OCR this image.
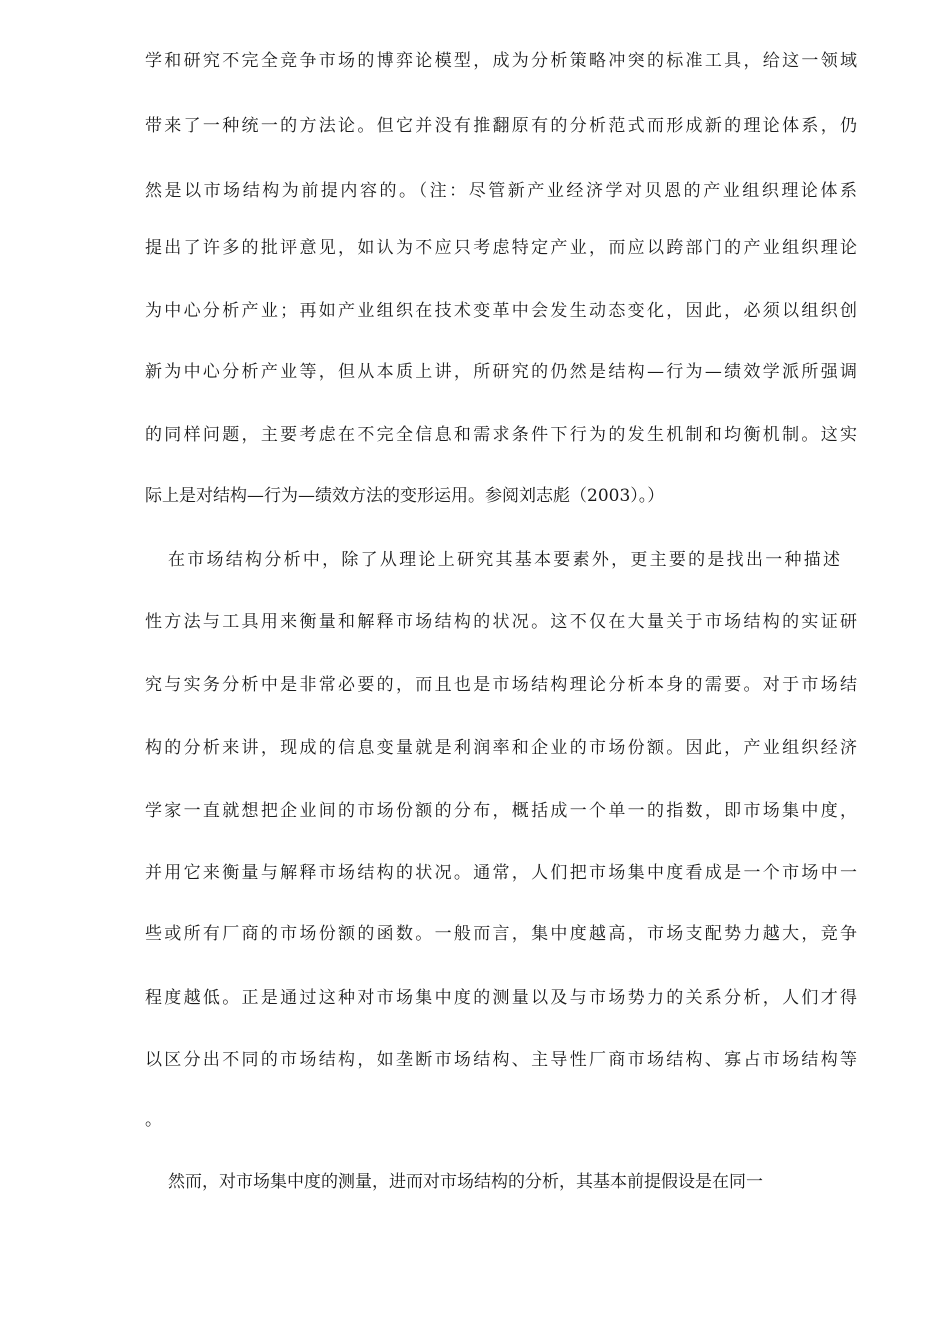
学和研究不完全竞争市场的博弈论模型，成为分析策略冲突的标准工具，给这一领域
带来了一种统一的方法论。但它并没有推翻原有的分析范式而形成新的理论体系，仍
然是以市场结构为前提内容的。（注：尽管新产业经济学对贝恩的产业组织理论体系
提出了许多的批评意见，如认为不应只考虑特定产业，而应以跨部门的产业组织理论
为中心分析产业；再如产业组织在技术变革中会发生动态变化，因此，必须以组织创
新为中心分析产业等，但从本质上讲，所研究的仍然是结构—行为—绩效学派所强调
的同样问题，主要考虑在不完全信息和需求条件下行为的发生机制和均衡机制。这实
际上是对结构—行为—绩效方法的变形运用。参阅刘志彪（2003）。）
在市场结构分析中，除了从理论上研究其基本要素外，更主要的是找出一种描述
性方法与工具用来衡量和解释市场结构的状况。这不仅在大量关于市场结构的实证研
究与实务分析中是非常必要的，而且也是市场结构理论分析本身的需要。对于市场结
构的分析来讲，现成的信息变量就是利润率和企业的市场份额。因此，产业组织经济
学家一直就想把企业间的市场份额的分布，概括成一个单一的指数，即市场集中度，
并用它来衡量与解释市场结构的状况。通常，人们把市场集中度看成是一个市场中一
些或所有厂商的市场份额的函数。一般而言，集中度越高，市场支配势力越大，竞争
程度越低。正是通过这种对市场集中度的测量以及与市场势力的关系分析，人们才得
以区分出不同的市场结构，如垄断市场结构、主导性厂商市场结构、寡占市场结构等
。
然而，对市场集中度的测量，进而对市场结构的分析，其基本前提假设是在同一
